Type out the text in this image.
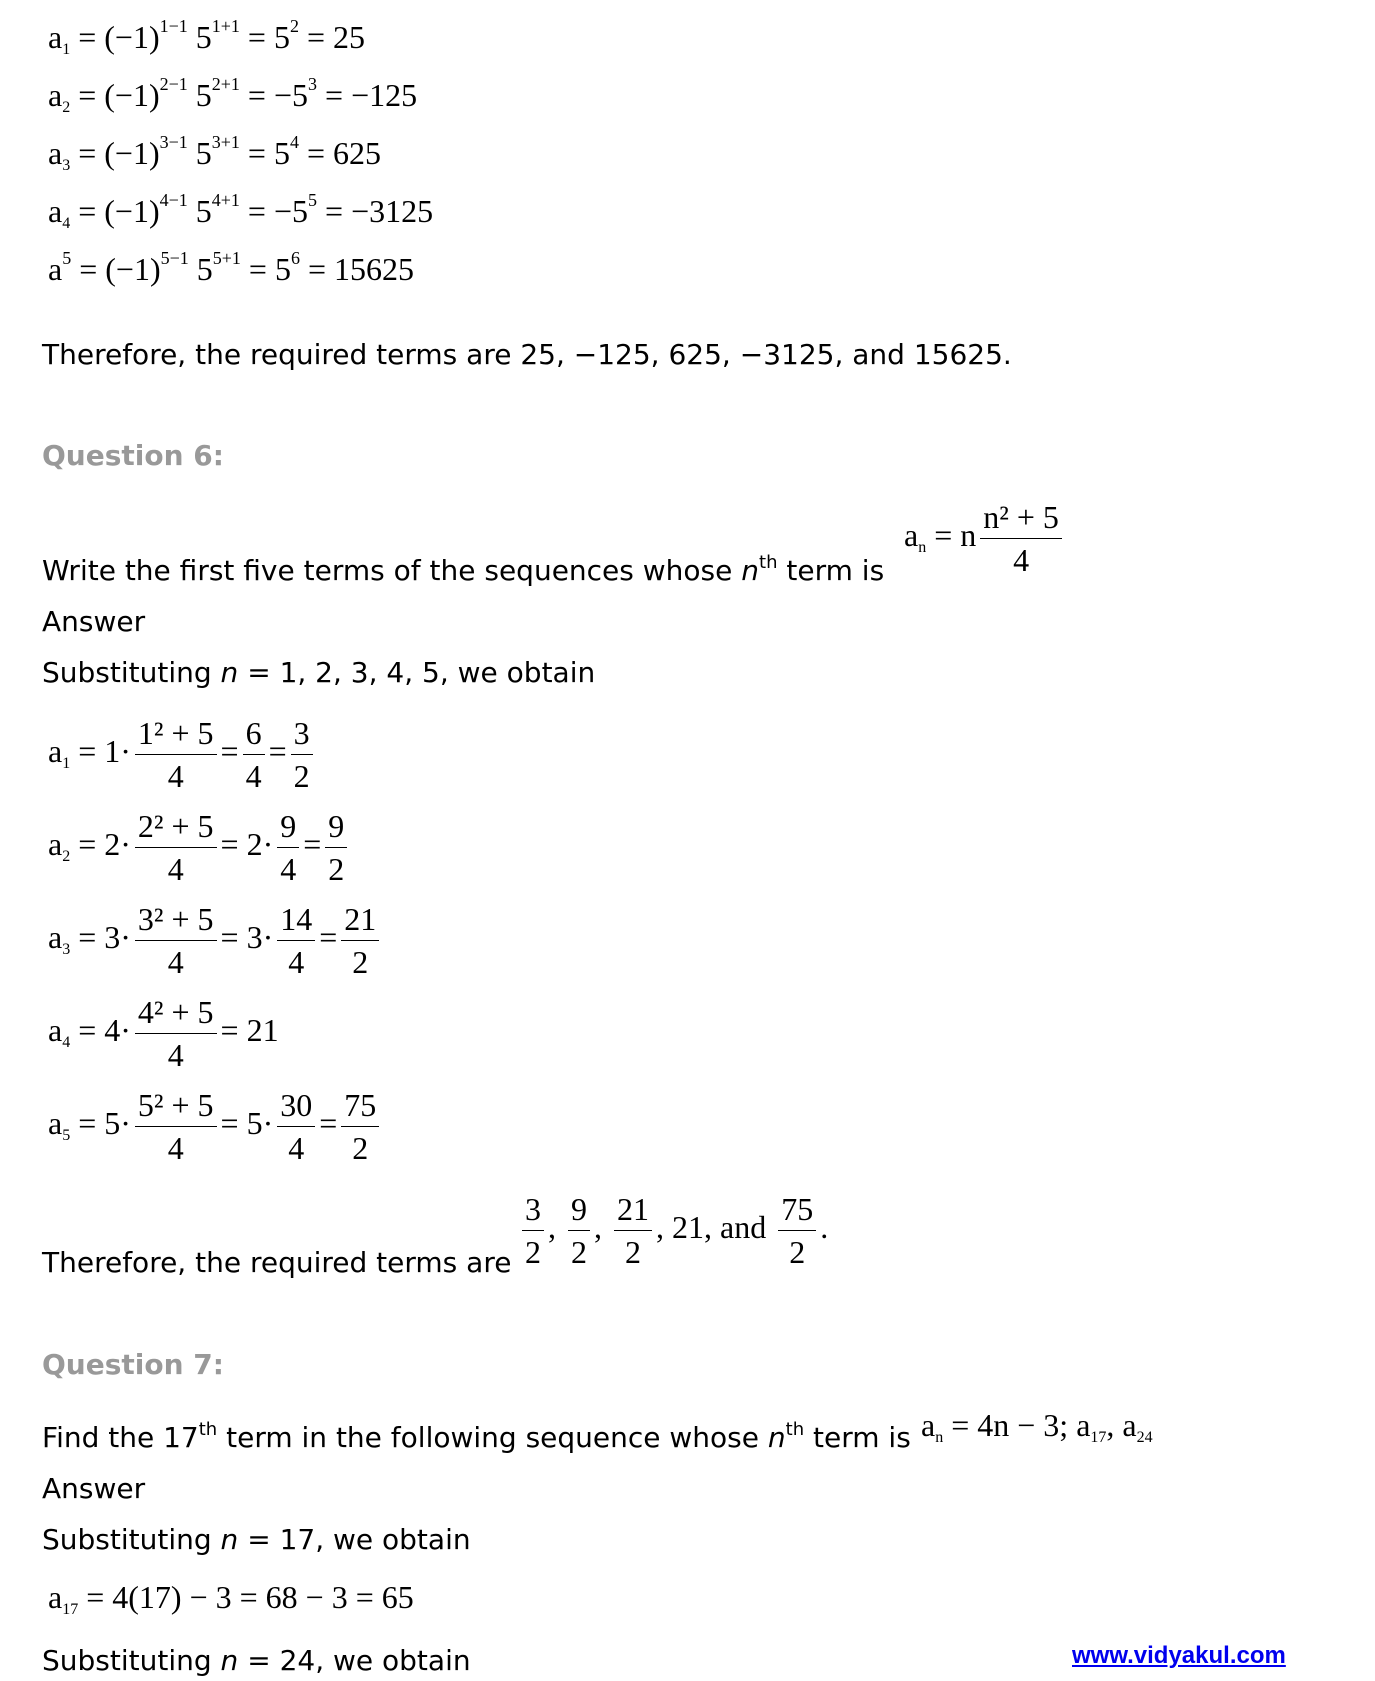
$a_1 = (-1)^{1-1}$ $5^{1+1} = 5^2 = 25$

$a_2 = (-1)^{2-1}$ $5^{2+1} = -5^3 = -125$

$a_3 = (-1)^{3-1}$ $5^{3+1} = 5^4 = 625$

$a_4 = (-1)^{4-1}$ $5^{4+1} = -5^5 = -3125$

$a^5 = (-1)^{5-1}$ $5^{5+1} = 5^6 = 15625$

Therefore, the required terms are 25, −125, 625, −3125, and 15625.

Question 6:

Write the first five terms of the sequences whose $n^{th}$ term is

$a_n = n \frac{\text{n² + 5}}{4}$

Answer

Substituting n = 1, 2, 3, 4, 5, we obtain

$a_1 = 1\cdot \frac{\text{1² + 5}}{4} = \frac{6}{4} = \frac{3}{2}$

$a_2 = 2\cdot \frac{\text{2² + 5}}{4} = 2\cdot \frac{9}{4} = \frac{9}{2}$

$a_3 = 3\cdot \frac{\text{3² + 5}}{4} = 3\cdot \frac{14}{4} = \frac{21}{2}$

$a_4 = 4\cdot \frac{\text{4² + 5}}{4} = 21$

$a_5 = 5\cdot \frac{\text{5² + 5}}{4} = 5\cdot \frac{30}{4} = \frac{75}{2}$

Therefore, the required terms are $\frac{3}{2}$ , $\frac{9}{2}$ , $\frac{21}{2}$ , 21, and $\frac{75}{2}$ .

Question 7:

Find the 17th term in the following sequence whose $n^{th}$ term is $a_n = 4n - 3$; $a_{17}$, $a_{24}$

Answer

Substituting n = 17, we obtain

$a_{17} = 4(17) - 3 = 68 - 3 = 65$

Substituting n = 24, we obtain	www.vidyakul.com
